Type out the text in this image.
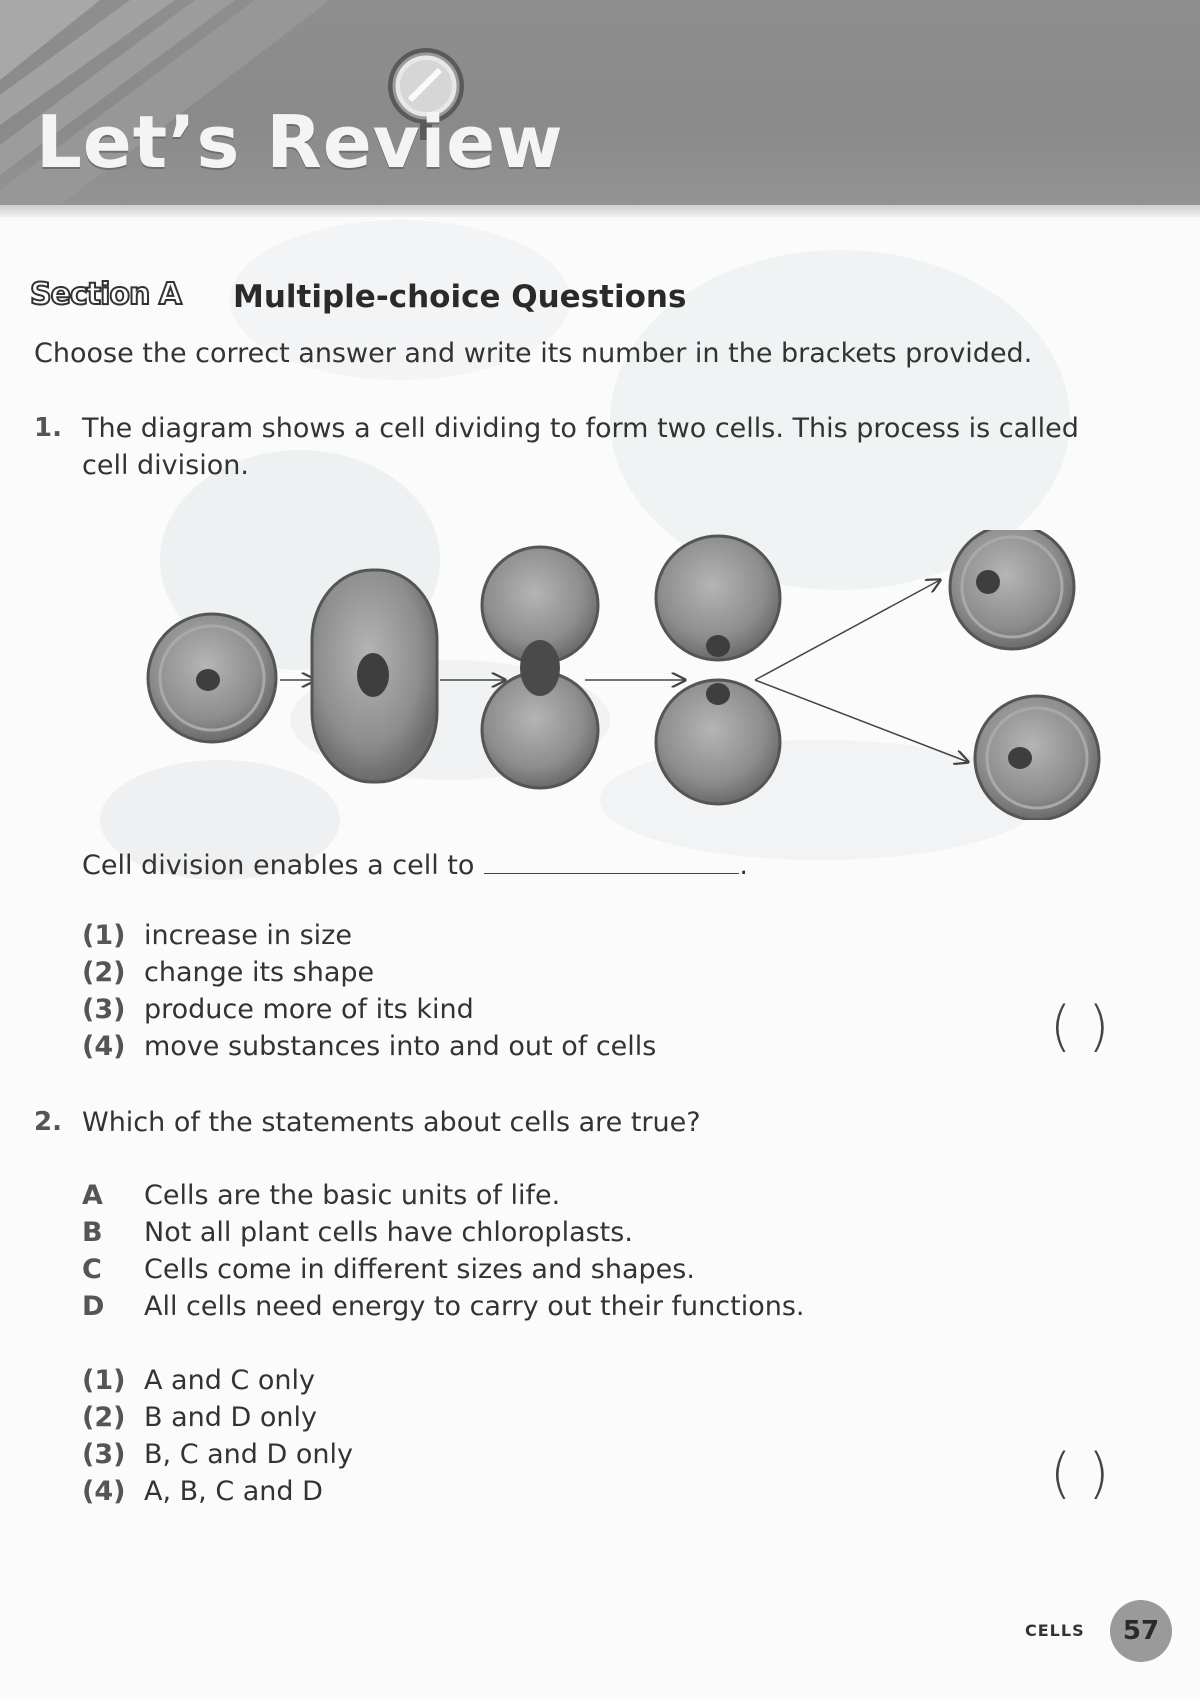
Let’s Review
Section A Multiple-choice Questions
Choose the correct answer and write its number in the brackets provided.
1. The diagram shows a cell dividing to form two cells. This process is called
cell division.
Cell division enables a cell to	.
(1) increase in size
(2) change its shape
(3) produce more of its kind
(4) move substances into and out of cells	( )
2. Which of the statements about cells are true?
A Cells are the basic units of life.
B Not all plant cells have chloroplasts.
C Cells come in different sizes and shapes.
D All cells need energy to carry out their functions.
(1) A and C only
(2) B and D only
(3) B, C and D only
(4) A, B, C and D	( )
CELLS 57
